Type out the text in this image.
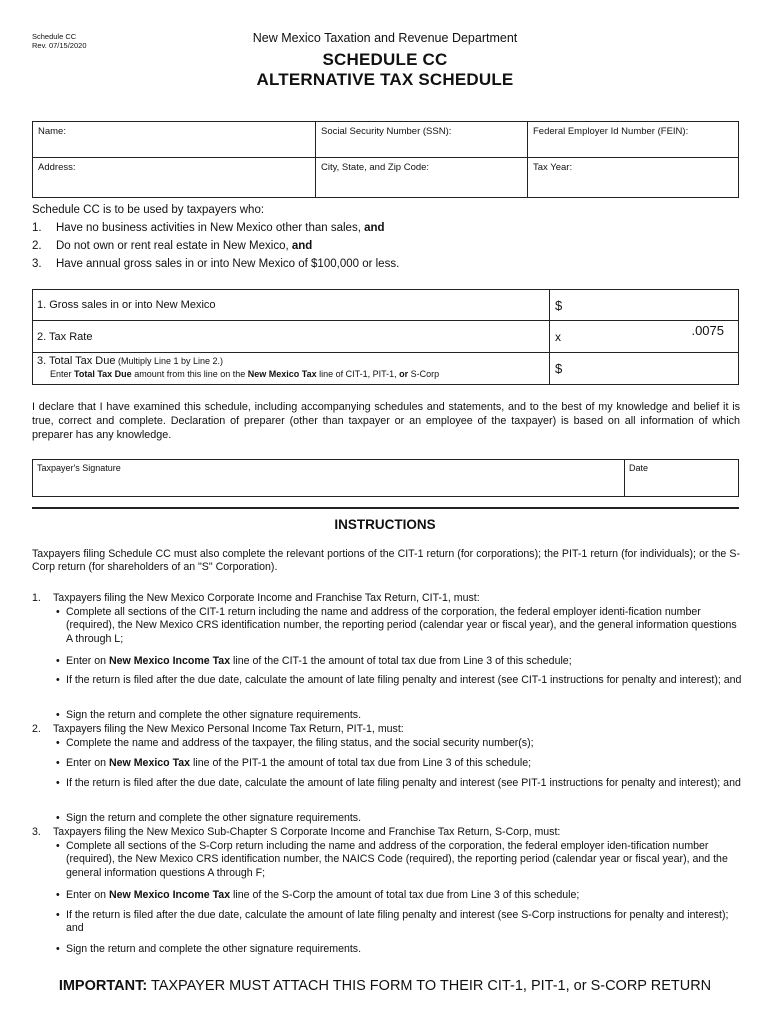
Schedule CC
Rev. 07/15/2020
New Mexico Taxation and Revenue Department
SCHEDULE CC
ALTERNATIVE TAX SCHEDULE
Name:	Social Security Number (SSN):	Federal Employer Id Number (FEIN):
Address:	City, State, and Zip Code:	Tax Year:
Schedule CC is to be used by taxpayers who:
1. Have no business activities in New Mexico other than sales, and
2. Do not own or rent real estate in New Mexico, and
3. Have annual gross sales in or into New Mexico of $100,000 or less.
1. Gross sales in or into New Mexico	$
2. Tax Rate	x .0075

3. Total Tax Due (Multiply Line 1 by Line 2.)
Enter Total Tax Due amount from this line on the New Mexico Tax line of CIT-1, PIT-1, or S-Corp	$
I declare that I have examined this schedule, including accompanying schedules and statements, and to the best of my knowledge and belief it is true, correct and complete. Declaration of preparer (other than taxpayer or an employee of the taxpayer) is based on all information of which preparer has any knowledge.
Taxpayer's Signature	Date
INSTRUCTIONS
Taxpayers filing Schedule CC must also complete the relevant portions of the CIT-1 return (for corporations); the PIT-1 return (for individuals); or the S-Corp return (for shareholders of an "S" Corporation).
1. Taxpayers filing the New Mexico Corporate Income and Franchise Tax Return, CIT-1, must:
• Complete all sections of the CIT-1 return including the name and address of the corporation, the federal employer identi-fication number (required), the New Mexico CRS identification number, the reporting period (calendar year or fiscal year), and the general information questions A through L;
• Enter on New Mexico Income Tax line of the CIT-1 the amount of total tax due from Line 3 of this schedule;
• If the return is filed after the due date, calculate the amount of late filing penalty and interest (see CIT-1 instructions for penalty and interest); and
• Sign the return and complete the other signature requirements.
2. Taxpayers filing the New Mexico Personal Income Tax Return, PIT-1, must:
• Complete the name and address of the taxpayer, the filing status, and the social security number(s);
• Enter on New Mexico Tax line of the PIT-1 the amount of total tax due from Line 3 of this schedule;
• If the return is filed after the due date, calculate the amount of late filing penalty and interest (see PIT-1 instructions for penalty and interest); and
• Sign the return and complete the other signature requirements.
3. Taxpayers filing the New Mexico Sub-Chapter S Corporate Income and Franchise Tax Return, S-Corp, must:
• Complete all sections of the S-Corp return including the name and address of the corporation, the federal employer iden-tification number (required), the New Mexico CRS identification number, the NAICS Code (required), the reporting period (calendar year or fiscal year), and the general information questions A through F;
• Enter on New Mexico Income Tax line of the S-Corp the amount of total tax due from Line 3 of this schedule;
• If the return is filed after the due date, calculate the amount of late filing penalty and interest (see S-Corp instructions for penalty and interest); and
• Sign the return and complete the other signature requirements.
IMPORTANT: TAXPAYER MUST ATTACH THIS FORM TO THEIR CIT-1, PIT-1, or S-CORP RETURN
